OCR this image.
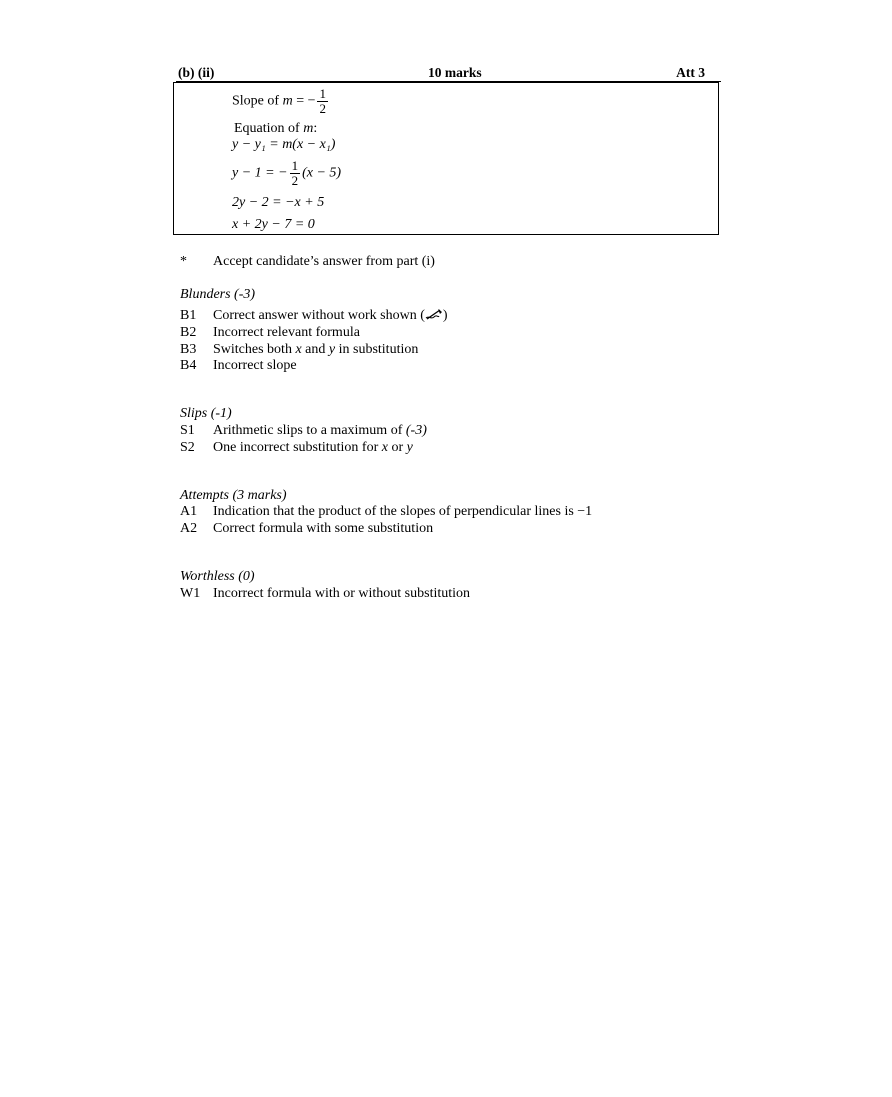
(b) (ii)	10 marks	Att 3
Slope of m = − $\frac{1}{2}$
Equation of m:
y − y₁ = m(x − x₁)
y − 1 = − $\frac{1}{2} (x - 5)$
2y − 2 = −x + 5
x + 2y − 7 = 0
* Accept candidate’s answer from part (i)
Blunders (-3)
B1 Correct answer without work shown ( )
B2 Incorrect relevant formula
B3 Switches both x and y in substitution
B4 Incorrect slope
Slips (-1)
S1 Arithmetic slips to a maximum of (-3)
S2 One incorrect substitution for x or y
Attempts (3 marks)
A1 Indication that the product of the slopes of perpendicular lines is −1
A2 Correct formula with some substitution
Worthless (0)
W1 Incorrect formula with or without substitution
